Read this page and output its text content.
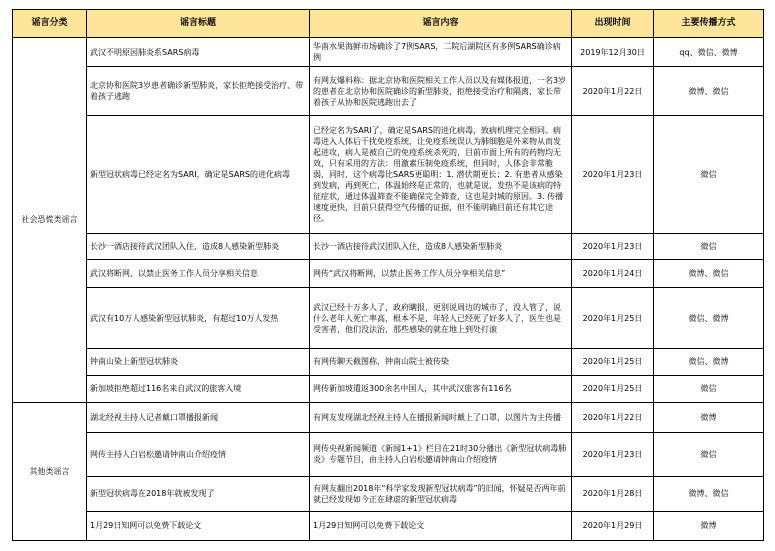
谣言分类	谣言标题	谣言内容	出现时间	主要传播方式
社会恐慌类谣言	武汉不明原因肺炎系SARS病毒	华南水果海鲜市场确诊了7例SARS，二院后湖院区有多例SARS确诊病例	2019年12月30日	qq、微信、微博
	北京协和医院3岁患者确诊新型肺炎，家长拒绝接受治疗、带着孩子逃跑	有网友爆料称：据北京协和医院相关工作人员以及有媒体报道，一名3岁的患者在北京协和医院确诊的新型肺炎，拒绝接受治疗和隔离，家长带着孩子从协和医院逃跑出去了	2020年1月22日	微博、微信
	新型冠状病毒已经定名为SARI，确定是SARS的进化病毒	已经定名为SARI了，确定是SARS的进化病毒，致病机理完全相同。病毒进入人体后干扰免疫系统，让免疫系统误认为肺细胞是外来物从而发起进攻，病人是被自己的免疫系统杀死的，目前市面上所有的药物均无效，只有采用的方法：用激素压制免疫系统，但同时，人体会非常脆弱，同时，这个病毒比SARS更聪明：1. 潜伏期更长；2. 有患者从感染到发病，再到死亡，体温始终是正常的，也就是说，发热不是该病的特征症状，通过体温筛查不能确保完全筛查，这也是封城的原因。3. 传播速度更快，目前只获得空气传播的证据，但不能明确目前还有其它途径。	2020年1月23日	微信
	长沙一酒店接待武汉团队入住，造成8人感染新型肺炎	长沙一酒店接待武汉团队入住，造成8人感染新型肺炎	2020年1月23日	微信
	武汉将断网，以禁止医务工作人员分享相关信息	网传“武汉将断网，以禁止医务工作人员分享相关信息”	2020年1月24日	微博、微信
	武汉有10万人感染新型冠状肺炎，有超过10万人发热	武汉已经十万多人了，政府瞒报，更别说周边的城市了，没人管了，说什么老年人死亡率高，根本不是，年轻人已经死了好多人了，医生也是受害者，他们没法治，那些感染的就在地上到处打滚	2020年1月25日	微信、微博
	钟南山染上新型冠状肺炎	有网传聊天截图称，钟南山院士被传染	2020年1月25日	微信、微博
	新加坡拒绝超过116名来自武汉的旅客入境	网传新加坡遣返300余名中国人，其中武汉旅客有116名	2020年1月25日	微信
其他类谣言	湖北经视主持人记者戴口罩播报新闻	有网友发现湖北经视主持人在播报新闻时戴上了口罩，以图片为主传播	2020年1月22日	微博
	网传主持人白岩松邀请钟南山介绍疫情	网传央视新闻频道《新闻1+1》栏目在21时30分播出《新型冠状病毒肺炎》专题节目，由主持人白岩松邀请钟南山介绍疫情	2020年1月23日	微信
	新型冠状病毒在2018年就被发现了	有网友翻出2018年“科学家发现新型冠状病毒”的旧闻，怀疑是否两年前就已经发现如今正在肆虐的新型冠状病毒	2020年1月28日	微博、微信
	1月29日知网可以免费下载论文	1月29日知网可以免费下载论文	2020年1月29日	微博
